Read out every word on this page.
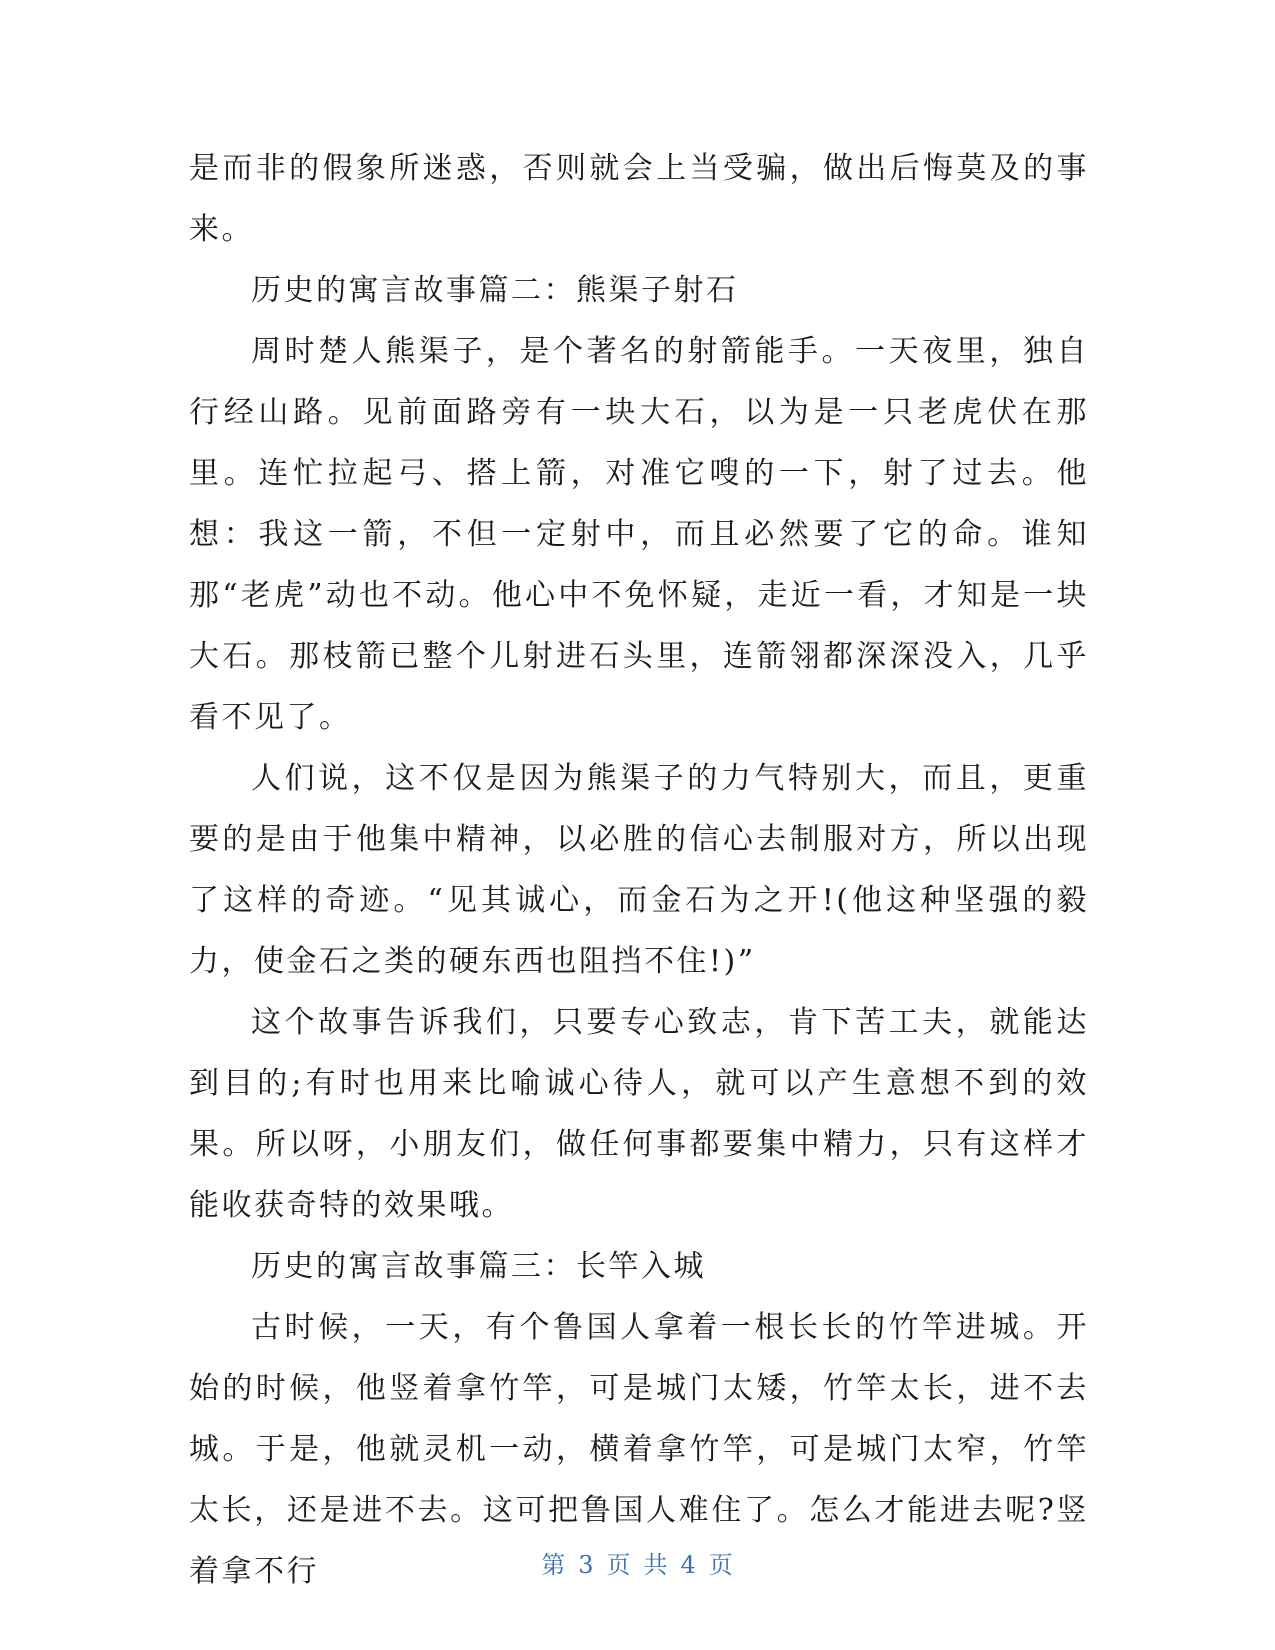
是而非的假象所迷惑，否则就会上当受骗，做出后悔莫及的事来。

历史的寓言故事篇二：熊渠子射石

周时楚人熊渠子，是个著名的射箭能手。一天夜里，独自行经山路。见前面路旁有一块大石，以为是一只老虎伏在那里。连忙拉起弓、搭上箭，对准它嗖的一下，射了过去。他想：我这一箭，不但一定射中，而且必然要了它的命。谁知那“老虎”动也不动。他心中不免怀疑，走近一看，才知是一块大石。那枝箭已整个儿射进石头里，连箭翎都深深没入，几乎看不见了。

人们说，这不仅是因为熊渠子的力气特别大，而且，更重要的是由于他集中精神，以必胜的信心去制服对方，所以出现了这样的奇迹。“见其诚心，而金石为之开!(他这种坚强的毅力，使金石之类的硬东西也阻挡不住!)”

这个故事告诉我们，只要专心致志，肯下苦工夫，就能达到目的;有时也用来比喻诚心待人，就可以产生意想不到的效果。所以呀，小朋友们，做任何事都要集中精力，只有这样才能收获奇特的效果哦。

历史的寓言故事篇三：长竿入城

古时候，一天，有个鲁国人拿着一根长长的竹竿进城。开始的时候，他竖着拿竹竿，可是城门太矮，竹竿太长，进不去城。于是，他就灵机一动，横着拿竹竿，可是城门太窄，竹竿太长，还是进不去。这可把鲁国人难住了。怎么才能进去呢?竖着拿不行	第 3 页 共 4 页
